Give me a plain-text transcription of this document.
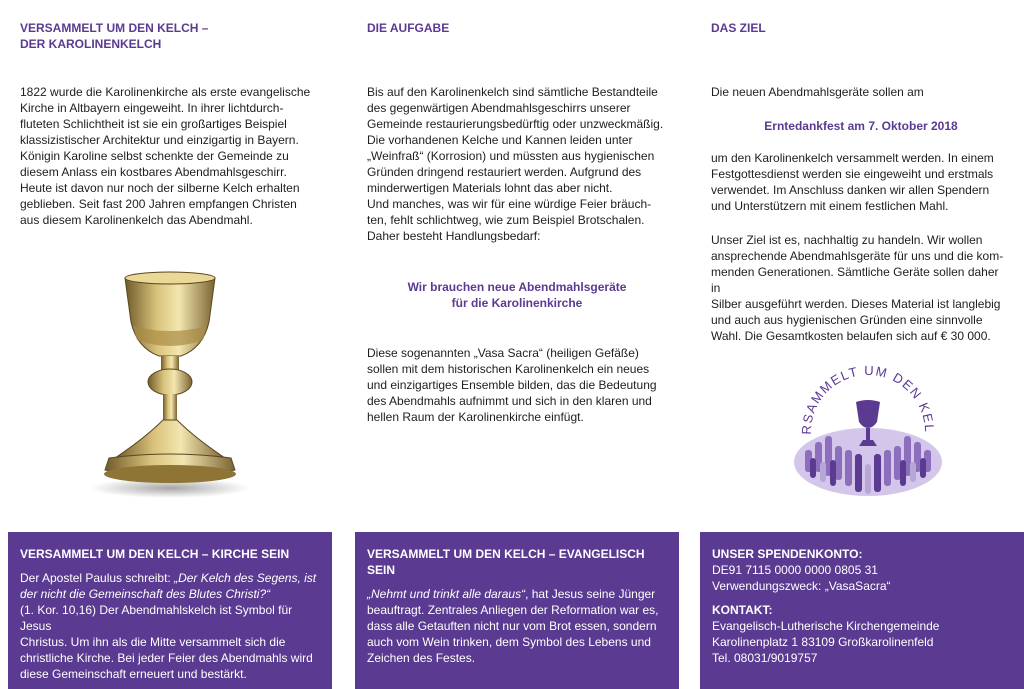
VERSAMMELT UM DEN KELCH –
DER KAROLINENKELCH

1822 wurde die Karolinenkirche als erste evangelische

Kirche in Altbayern eingeweiht. In ihrer lichtdurch-

fluteten Schlichtheit ist sie ein großartiges Beispiel

klassizistischer Architektur und einzigartig in Bayern.

Königin Karoline selbst schenkte der Gemeinde zu

diesem Anlass ein kostbares Abendmahlsgeschirr.

Heute ist davon nur noch der silberne Kelch erhalten

geblieben. Seit fast 200 Jahren empfangen Christen

aus diesem Karolinenkelch das Abendmahl.

DIE AUFGABE

Bis auf den Karolinenkelch sind sämtliche Bestandteile

des gegenwärtigen Abendmahlsgeschirrs unserer

Gemeinde restaurierungsbedürftig oder unzweckmäßig.

Die vorhandenen Kelche und Kannen leiden unter

„Weinfraß“ (Korrosion) und müssten aus hygienischen

Gründen dringend restauriert werden. Aufgrund des

minderwertigen Materials lohnt das aber nicht.

Und manches, was wir für eine würdige Feier bräuch-

ten, fehlt schlichtweg, wie zum Beispiel Brotschalen.

Daher besteht Handlungsbedarf:

Wir brauchen neue Abendmahlsgeräte
für die Karolinenkirche

Diese sogenannten „Vasa Sacra“ (heiligen Gefäße)

sollen mit dem historischen Karolinenkelch ein neues

und einzigartiges Ensemble bilden, das die Bedeutung

des Abendmahls aufnimmt und sich in den klaren und

hellen Raum der Karolinenkirche einfügt.

DAS ZIEL
Die neuen Abendmahlsgeräte sollen am
Erntedankfest am 7. Oktober 2018

um den Karolinenkelch versammelt werden. In einem

Festgottesdienst werden sie eingeweiht und erstmals

verwendet. Im Anschluss danken wir allen Spendern

und Unterstützern mit einem festlichen Mahl.

Unser Ziel ist es, nachhaltig zu handeln. Wir wollen

ansprechende Abendmahlsgeräte für uns und die kom-

menden Generationen. Sämtliche Geräte sollen daher in

Silber ausgeführt werden. Dieses Material ist langlebig

und auch aus hygienischen Gründen eine sinnvolle

Wahl. Die Gesamtkosten belaufen sich auf € 30 000.

RSAMMELT UM DEN KEL
VERSAMMELT UM DEN KELCH – KIRCHE SEIN

Der Apostel Paulus schreibt: „Der Kelch des Segens, ist

der nicht die Gemeinschaft des Blutes Christi?“

(1. Kor. 10,16) Der Abendmahlskelch ist Symbol für Jesus

Christus. Um ihn als die Mitte versammelt sich die

christliche Kirche. Bei jeder Feier des Abendmahls wird

diese Gemeinschaft erneuert und bestärkt.

VERSAMMELT UM DEN KELCH – EVANGELISCH SEIN

„Nehmt und trinkt alle daraus“, hat Jesus seine Jünger

beauftragt. Zentrales Anliegen der Reformation war es,

dass alle Getauften nicht nur vom Brot essen, sondern

auch vom Wein trinken, dem Symbol des Lebens und

Zeichen des Festes.

UNSER SPENDENKONTO:

DE91 7115 0000 0000 0805 31

Verwendungszweck: „VasaSacra“

KONTAKT:

Evangelisch-Lutherische Kirchengemeinde

Karolinenplatz 1 83109 Großkarolinenfeld

Tel. 08031/9019757
